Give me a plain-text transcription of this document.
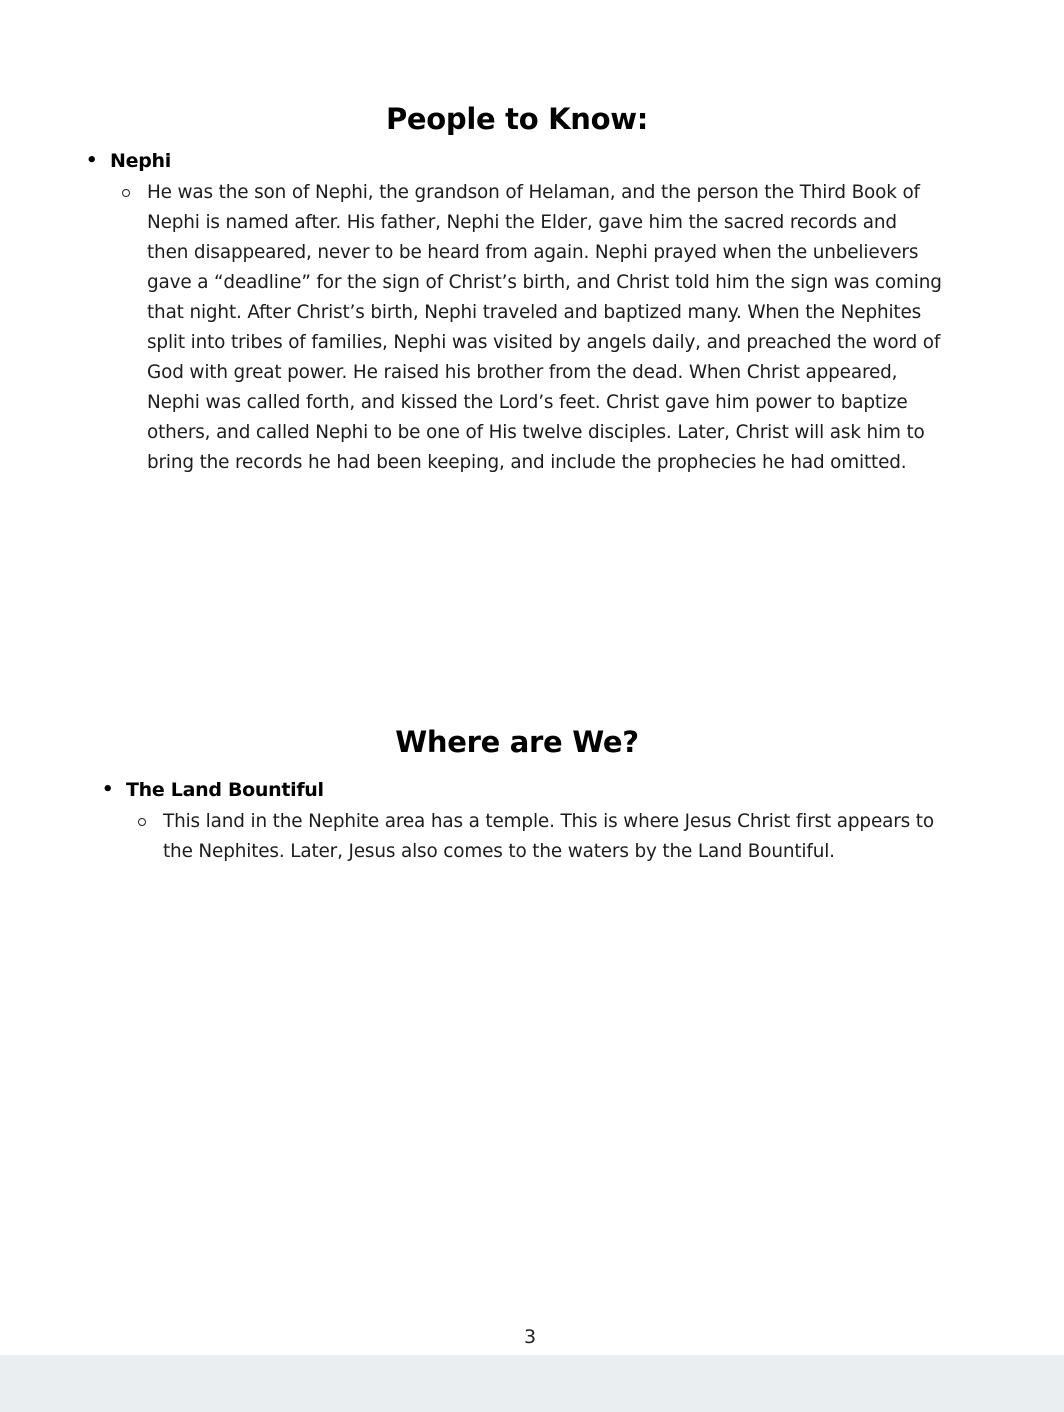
People to Know:
• Nephi
He was the son of Nephi, the grandson of Helaman, and the person the Third Book of
Nephi is named after. His father, Nephi the Elder, gave him the sacred records and
then disappeared, never to be heard from again. Nephi prayed when the unbelievers
gave a “deadline” for the sign of Christ’s birth, and Christ told him the sign was coming
that night. After Christ’s birth, Nephi traveled and baptized many. When the Nephites
split into tribes of families, Nephi was visited by angels daily, and preached the word of
God with great power. He raised his brother from the dead. When Christ appeared,
Nephi was called forth, and kissed the Lord’s feet. Christ gave him power to baptize
others, and called Nephi to be one of His twelve disciples. Later, Christ will ask him to
bring the records he had been keeping, and include the prophecies he had omitted.
Where are We?
• The Land Bountiful
This land in the Nephite area has a temple. This is where Jesus Christ first appears to
the Nephites. Later, Jesus also comes to the waters by the Land Bountiful.
3
